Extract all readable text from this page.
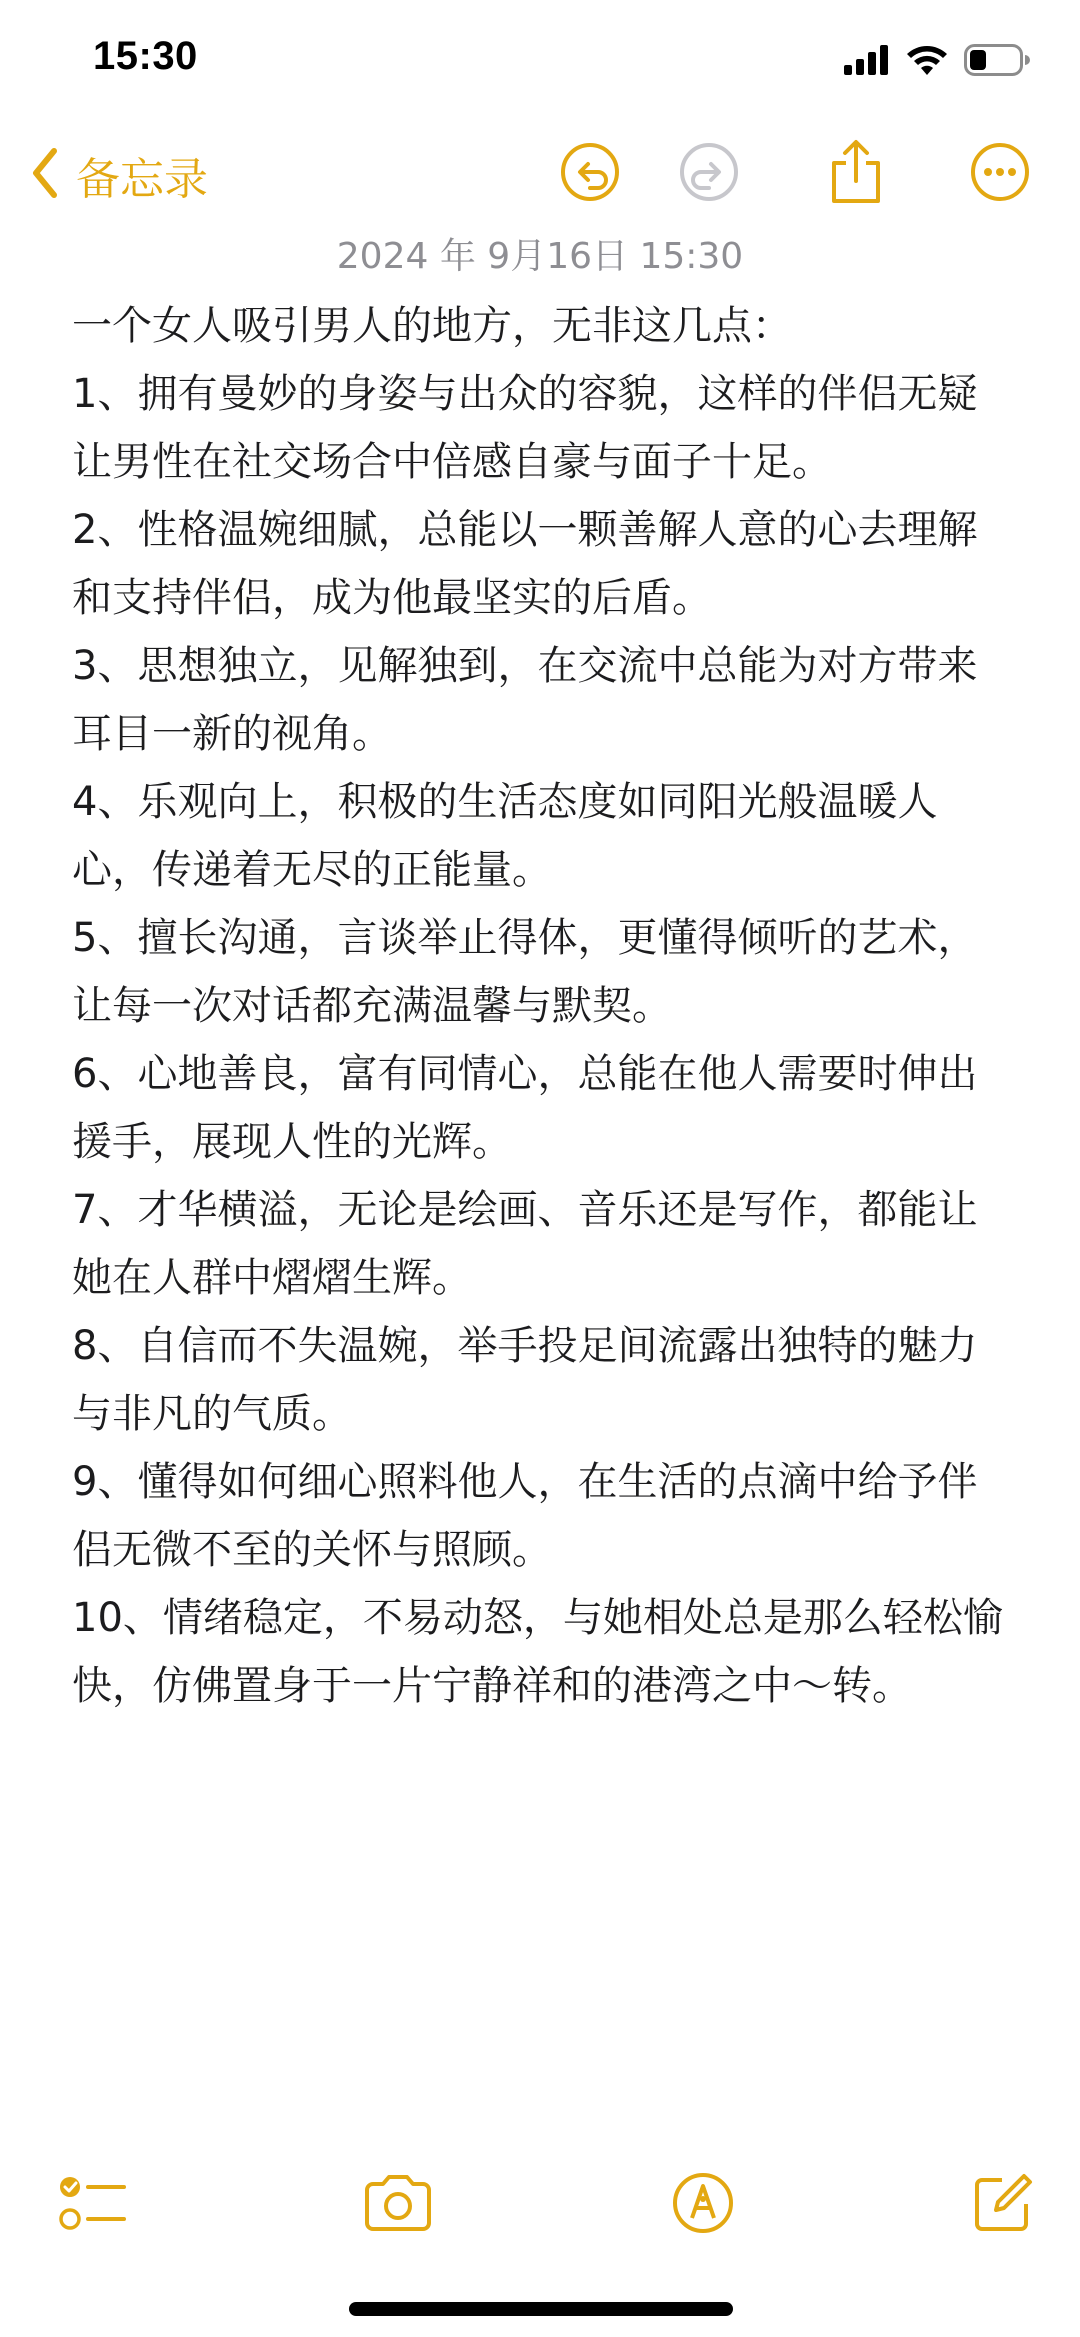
15:30
备忘录
2024 年 9月16日 15:30

一个女人吸引男人的地方，无非这几点：

1、拥有曼妙的身姿与出众的容貌，这样的伴侣无疑让男性在社交场合中倍感自豪与面子十足。

2、性格温婉细腻，总能以一颗善解人意的心去理解和支持伴侣，成为他最坚实的后盾。

3、思想独立，见解独到，在交流中总能为对方带来耳目一新的视角。

4、乐观向上，积极的生活态度如同阳光般温暖人心，传递着无尽的正能量。

5、擅长沟通，言谈举止得体，更懂得倾听的艺术，让每一次对话都充满温馨与默契。

6、心地善良，富有同情心，总能在他人需要时伸出援手，展现人性的光辉。

7、才华横溢，无论是绘画、音乐还是写作，都能让她在人群中熠熠生辉。

8、自信而不失温婉，举手投足间流露出独特的魅力与非凡的气质。

9、懂得如何细心照料他人，在生活的点滴中给予伴侣无微不至的关怀与照顾。

10、情绪稳定，不易动怒，与她相处总是那么轻松愉快，仿佛置身于一片宁静祥和的港湾之中～转。
